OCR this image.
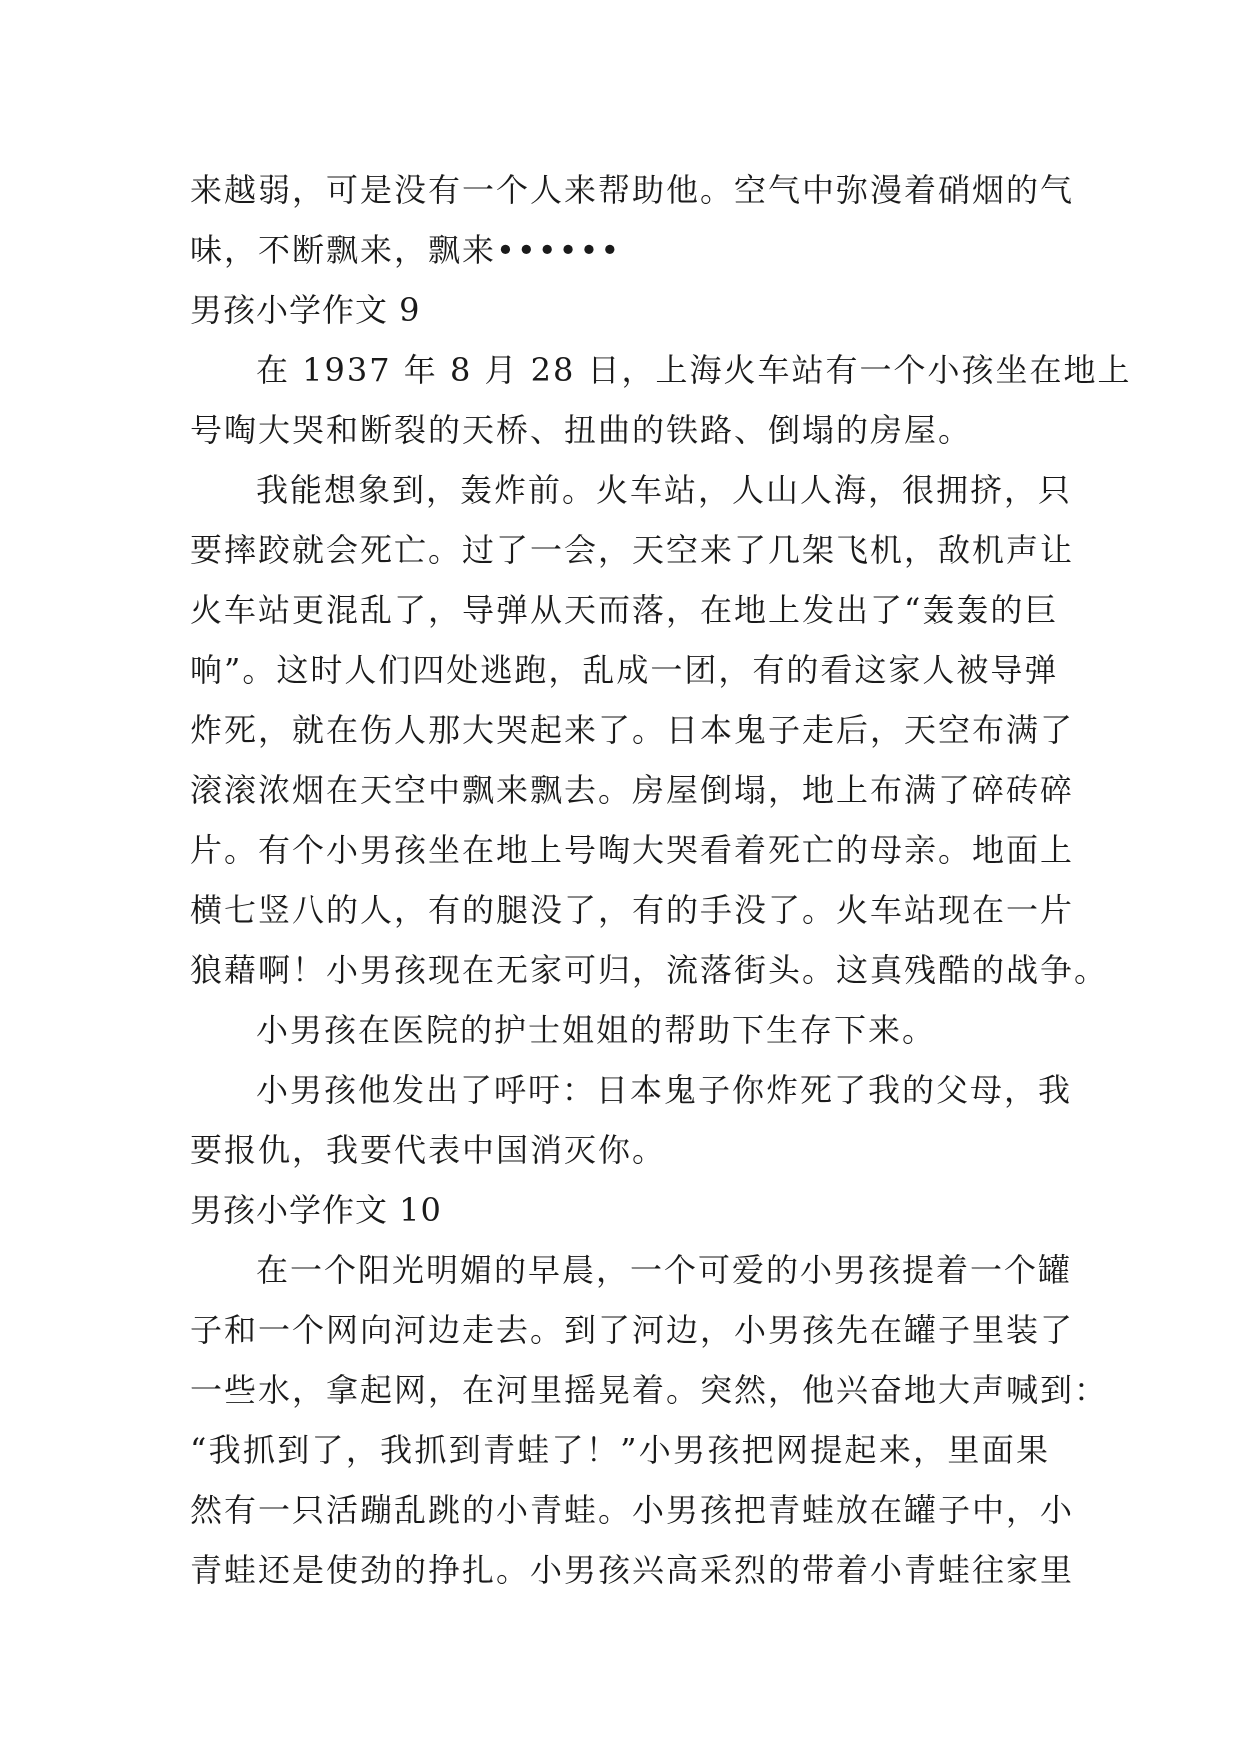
来越弱，可是没有一个人来帮助他。空气中弥漫着硝烟的气
味，不断飘来，飘来••••••
男孩小学作文 9
在 1937 年 8 月 28 日，上海火车站有一个小孩坐在地上
号啕大哭和断裂的天桥、扭曲的铁路、倒塌的房屋。
我能想象到，轰炸前。火车站，人山人海，很拥挤，只
要摔跤就会死亡。过了一会，天空来了几架飞机，敌机声让
火车站更混乱了，导弹从天而落，在地上发出了“轰轰的巨
响”。这时人们四处逃跑，乱成一团，有的看这家人被导弹
炸死，就在伤人那大哭起来了。日本鬼子走后，天空布满了
滚滚浓烟在天空中飘来飘去。房屋倒塌，地上布满了碎砖碎
片。有个小男孩坐在地上号啕大哭看着死亡的母亲。地面上
横七竖八的人，有的腿没了，有的手没了。火车站现在一片
狼藉啊！小男孩现在无家可归，流落街头。这真残酷的战争。
小男孩在医院的护士姐姐的帮助下生存下来。
小男孩他发出了呼吁：日本鬼子你炸死了我的父母，我
要报仇，我要代表中国消灭你。
男孩小学作文 10
在一个阳光明媚的早晨，一个可爱的小男孩提着一个罐
子和一个网向河边走去。到了河边，小男孩先在罐子里装了
一些水，拿起网，在河里摇晃着。突然，他兴奋地大声喊到：
“我抓到了，我抓到青蛙了！”小男孩把网提起来，里面果
然有一只活蹦乱跳的小青蛙。小男孩把青蛙放在罐子中，小
青蛙还是使劲的挣扎。小男孩兴高采烈的带着小青蛙往家里
